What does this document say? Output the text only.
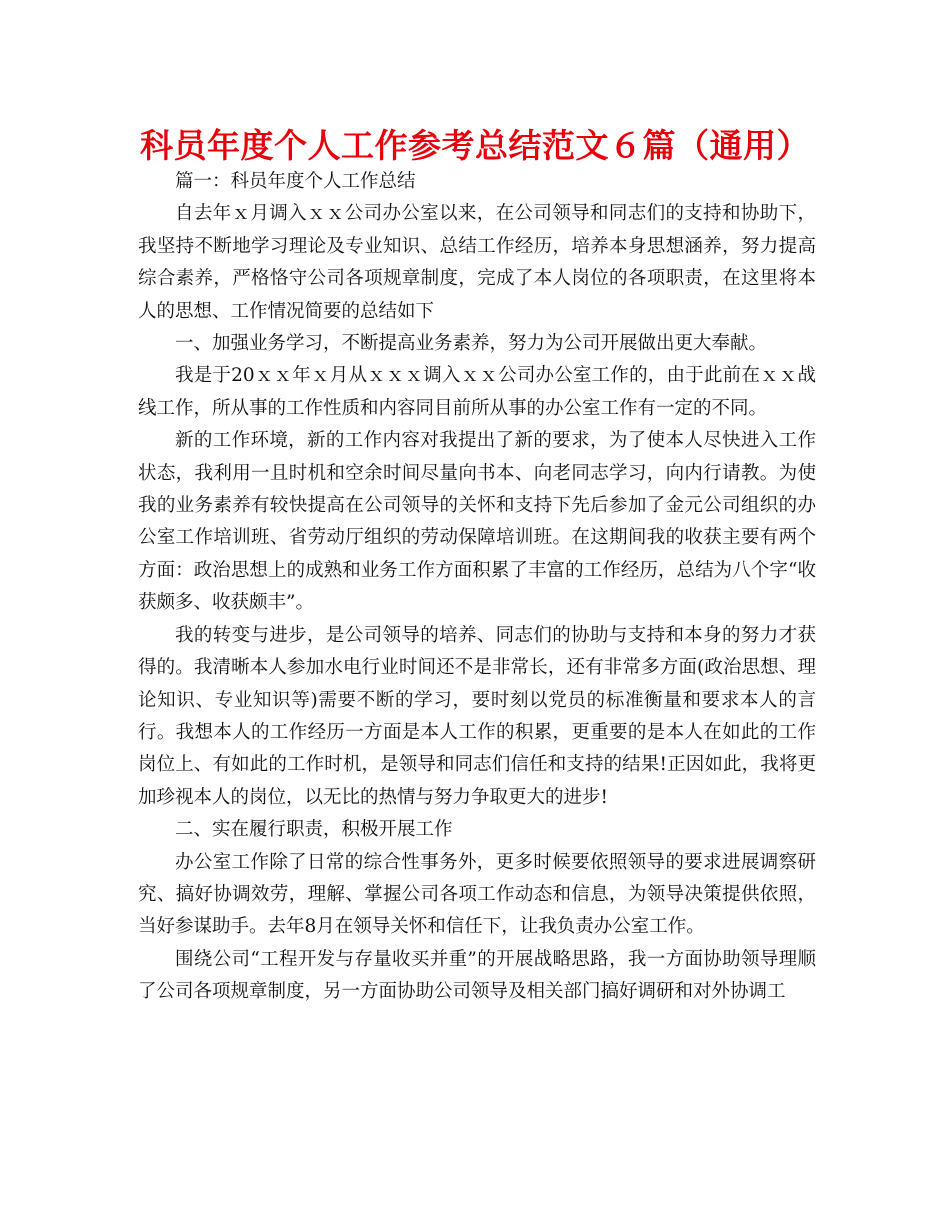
科员年度个人工作参考总结范文６篇（通用）

篇一：科员年度个人工作总结

自去年ｘ月调入ｘｘ公司办公室以来，在公司领导和同志们的支持和协助下，我坚持不断地学习理论及专业知识、总结工作经历，培养本身思想涵养，努力提高综合素养，严格恪守公司各项规章制度，完成了本人岗位的各项职责，在这里将本人的思想、工作情况简要的总结如下

一、加强业务学习，不断提高业务素养，努力为公司开展做出更大奉献。

我是于20ｘｘ年ｘ月从ｘｘｘ调入ｘｘ公司办公室工作的，由于此前在ｘｘ战线工作，所从事的工作性质和内容同目前所从事的办公室工作有一定的不同。

新的工作环境，新的工作内容对我提出了新的要求，为了使本人尽快进入工作状态，我利用一且时机和空余时间尽量向书本、向老同志学习，向内行请教。为使我的业务素养有较快提高在公司领导的关怀和支持下先后参加了金元公司组织的办公室工作培训班、省劳动厅组织的劳动保障培训班。在这期间我的收获主要有两个方面：政治思想上的成熟和业务工作方面积累了丰富的工作经历，总结为八个字“收获颇多、收获颇丰”。

我的转变与进步，是公司领导的培养、同志们的协助与支持和本身的努力才获得的。我清晰本人参加水电行业时间还不是非常长，还有非常多方面(政治思想、理论知识、专业知识等)需要不断的学习，要时刻以党员的标准衡量和要求本人的言行。我想本人的工作经历一方面是本人工作的积累，更重要的是本人在如此的工作岗位上、有如此的工作时机，是领导和同志们信任和支持的结果!正因如此，我将更加珍视本人的岗位，以无比的热情与努力争取更大的进步!

二、实在履行职责，积极开展工作

办公室工作除了日常的综合性事务外，更多时候要依照领导的要求进展调察研究、搞好协调效劳，理解、掌握公司各项工作动态和信息，为领导决策提供依照，当好参谋助手。去年8月在领导关怀和信任下，让我负责办公室工作。

围绕公司“工程开发与存量收买并重”的开展战略思路，我一方面协助领导理顺了公司各项规章制度，另一方面协助公司领导及相关部门搞好调研和对外协调工
